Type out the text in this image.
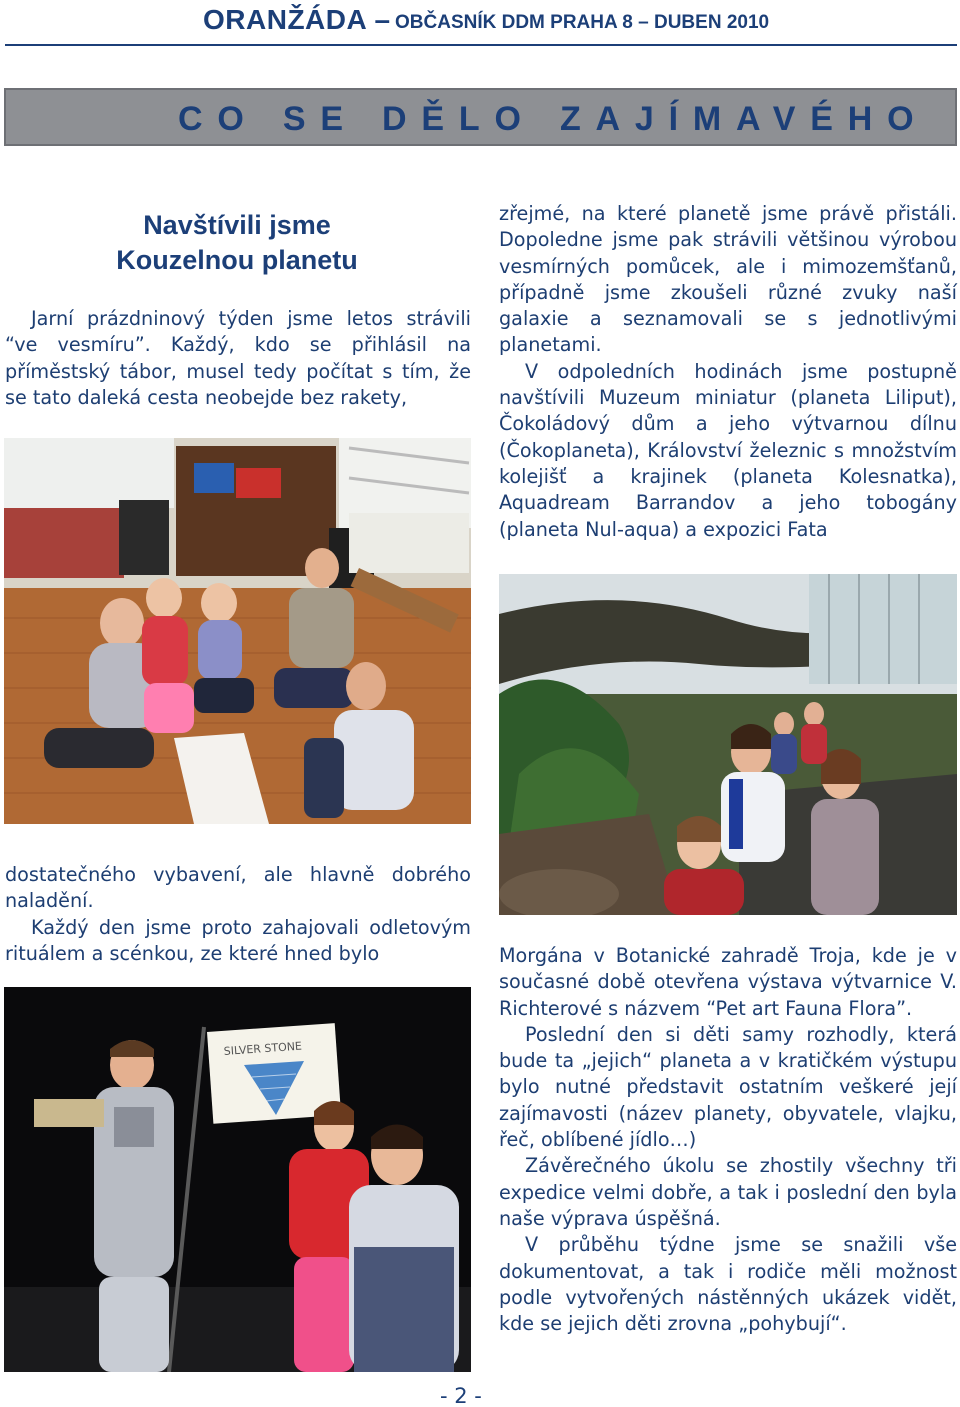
ORANŽÁDA – OBČASNÍK DDM PRAHA 8 – DUBEN 2010
CO SE DĚLO ZAJÍMAVÉHO
Navštívili jsme
Kouzelnou planetu

Jarní prázdninový týden jsme letos strávili “ve vesmíru”. Každý, kdo se přihlásil na příměstský tábor, musel tedy počítat s tím, že se tato daleká cesta neobejde bez rakety,

zřejmé, na které planetě jsme právě přistáli. Dopoledne jsme pak strávili většinou výrobou vesmírných pomůcek, ale i mimozemšťanů, případně jsme zkoušeli různé zvuky naší galaxie a seznamovali se s jednotlivými planetami.

V odpoledních hodinách jsme postupně navštívili Muzeum miniatur (planeta Liliput), Čokoládový dům a jeho výtvarnou dílnu (Čokoplaneta), Království železnic s množstvím kolejišť a krajinek (planeta Kolesnatka), Aquadream Barrandov a jeho tobogány (planeta Nul-aqua) a expozici Fata

dostatečného vybavení, ale hlavně dobrého naladění.

Každý den jsme proto zahajovali odletovým rituálem a scénkou, ze které hned bylo

SILVER STONE

Morgána v Botanické zahradě Troja, kde je v současné době otevřena výstava výtvarnice V. Richterové s názvem “Pet art Fauna Flora”.

Poslední den si děti samy rozhodly, která bude ta „jejich“ planeta a v kratičkém výstupu bylo nutné představit ostatním veškeré její zajímavosti (název planety, obyvatele, vlajku, řeč, oblíbené jídlo…)

Závěrečného úkolu se zhostily všechny tři expedice velmi dobře, a tak i poslední den byla naše výprava úspěšná.

V průběhu týdne jsme se snažili vše dokumentovat, a tak i rodiče měli možnost podle vytvořených nástěnných ukázek vidět, kde se jejich děti zrovna „pohybují“.

- 2 -
